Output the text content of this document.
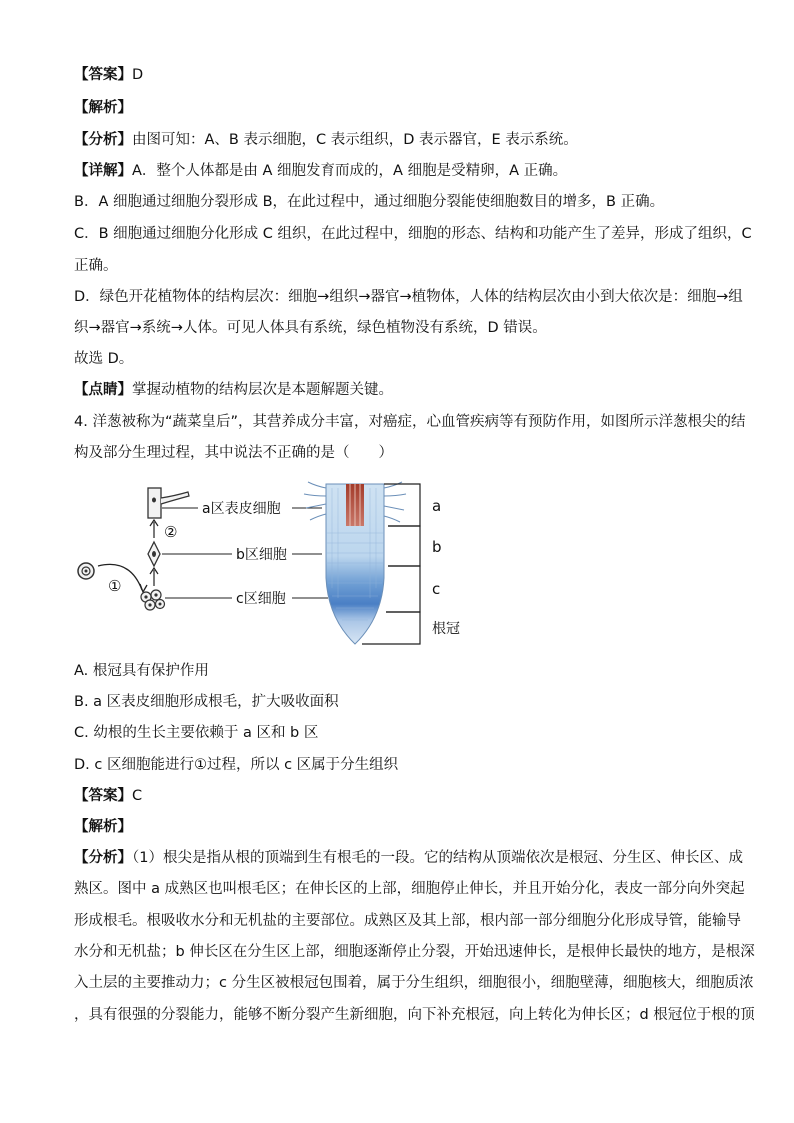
【答案】D
【解析】
【分析】由图可知：A、B 表示细胞，C 表示组织，D 表示器官，E 表示系统。
【详解】A．整个人体都是由 A 细胞发育而成的，A 细胞是受精卵，A 正确。
B．A 细胞通过细胞分裂形成 B，在此过程中，通过细胞分裂能使细胞数目的增多，B 正确。
C．B 细胞通过细胞分化形成 C 组织，在此过程中，细胞的形态、结构和功能产生了差异，形成了组织，C
正确。
D．绿色开花植物体的结构层次：细胞→组织→器官→植物体，人体的结构层次由小到大依次是：细胞→组
织→器官→系统→人体。可见人体具有系统，绿色植物没有系统，D 错误。
故选 D。
【点睛】掌握动植物的结构层次是本题解题关键。
4. 洋葱被称为“蔬菜皇后”，其营养成分丰富，对癌症，心血管疾病等有预防作用，如图所示洋葱根尖的结
构及部分生理过程，其中说法不正确的是（　　）
①
②
a区表皮细胞
b区细胞
c区细胞
a
b
c
根冠
A. 根冠具有保护作用
B. a 区表皮细胞形成根毛，扩大吸收面积
C. 幼根的生长主要依赖于 a 区和 b 区
D. c 区细胞能进行①过程，所以 c 区属于分生组织
【答案】C
【解析】
【分析】（1）根尖是指从根的顶端到生有根毛的一段。它的结构从顶端依次是根冠、分生区、伸长区、成
熟区。图中 a 成熟区也叫根毛区；在伸长区的上部，细胞停止伸长，并且开始分化，表皮一部分向外突起
形成根毛。根吸收水分和无机盐的主要部位。成熟区及其上部，根内部一部分细胞分化形成导管，能输导
水分和无机盐；b 伸长区在分生区上部，细胞逐渐停止分裂，开始迅速伸长，是根伸长最快的地方，是根深
入土层的主要推动力；c 分生区被根冠包围着，属于分生组织，细胞很小，细胞壁薄，细胞核大，细胞质浓
，具有很强的分裂能力，能够不断分裂产生新细胞，向下补充根冠，向上转化为伸长区；d 根冠位于根的顶
